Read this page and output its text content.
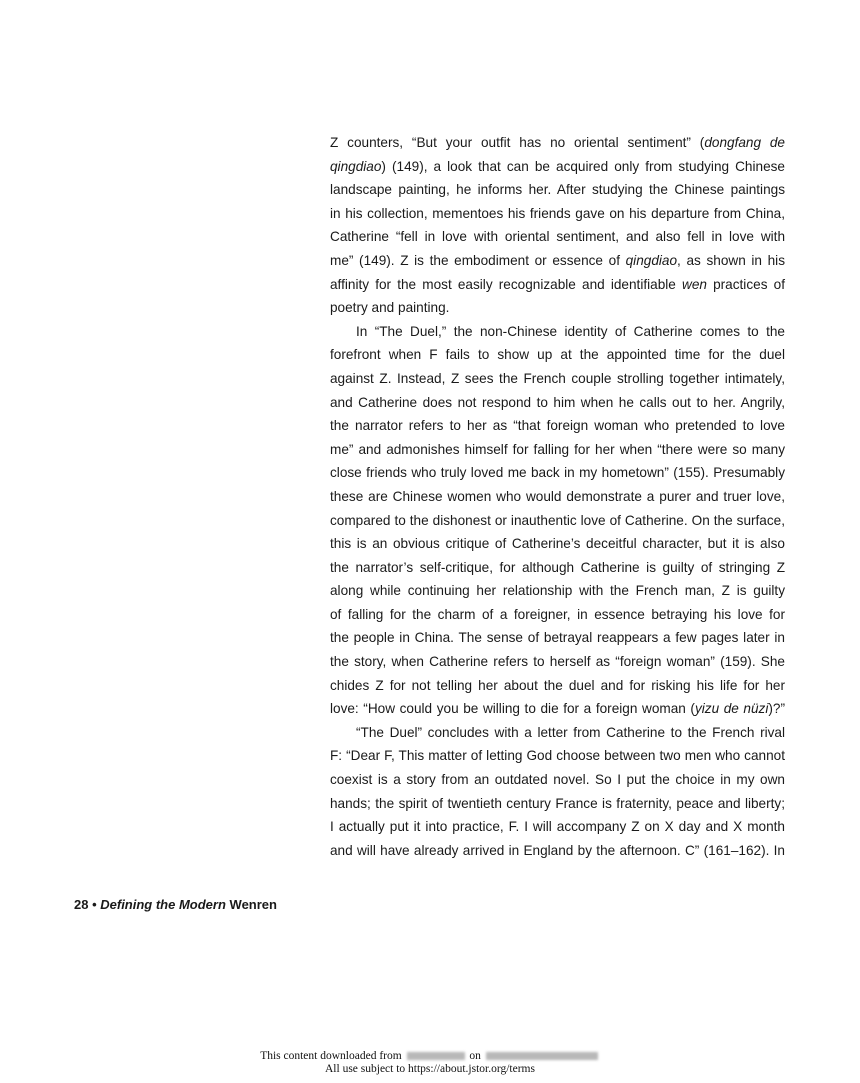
Z counters, “But your outfit has no oriental sentiment” (dongfang de
qingdiao) (149), a look that can be acquired only from studying Chinese
landscape painting, he informs her. After studying the Chinese paintings
in his collection, mementoes his friends gave on his departure from China,
Catherine “fell in love with oriental sentiment, and also fell in love with
me” (149). Z is the embodiment or essence of qingdiao, as shown in his
affinity for the most easily recognizable and identifiable wen practices of
poetry and painting.
In “The Duel,” the non-Chinese identity of Catherine comes to the
forefront when F fails to show up at the appointed time for the duel
against Z. Instead, Z sees the French couple strolling together intimately,
and Catherine does not respond to him when he calls out to her. Angrily,
the narrator refers to her as “that foreign woman who pretended to love
me” and admonishes himself for falling for her when “there were so many
close friends who truly loved me back in my hometown” (155). Presumably
these are Chinese women who would demonstrate a purer and truer love,
compared to the dishonest or inauthentic love of Catherine. On the surface,
this is an obvious critique of Catherine’s deceitful character, but it is also
the narrator’s self-critique, for although Catherine is guilty of stringing Z
along while continuing her relationship with the French man, Z is guilty
of falling for the charm of a foreigner, in essence betraying his love for
the people in China. The sense of betrayal reappears a few pages later in
the story, when Catherine refers to herself as “foreign woman” (159). She
chides Z for not telling her about the duel and for risking his life for her
love: “How could you be willing to die for a foreign woman (yizu de nüzi)?”
“The Duel” concludes with a letter from Catherine to the French rival
F: “Dear F, This matter of letting God choose between two men who cannot
coexist is a story from an outdated novel. So I put the choice in my own
hands; the spirit of twentieth century France is fraternity, peace and liberty;
I actually put it into practice, F. I will accompany Z on X day and X month
and will have already arrived in England by the afternoon. C” (161–162). In
28 • Defining the Modern Wenren
This content downloaded from	on
All use subject to https://about.jstor.org/terms
